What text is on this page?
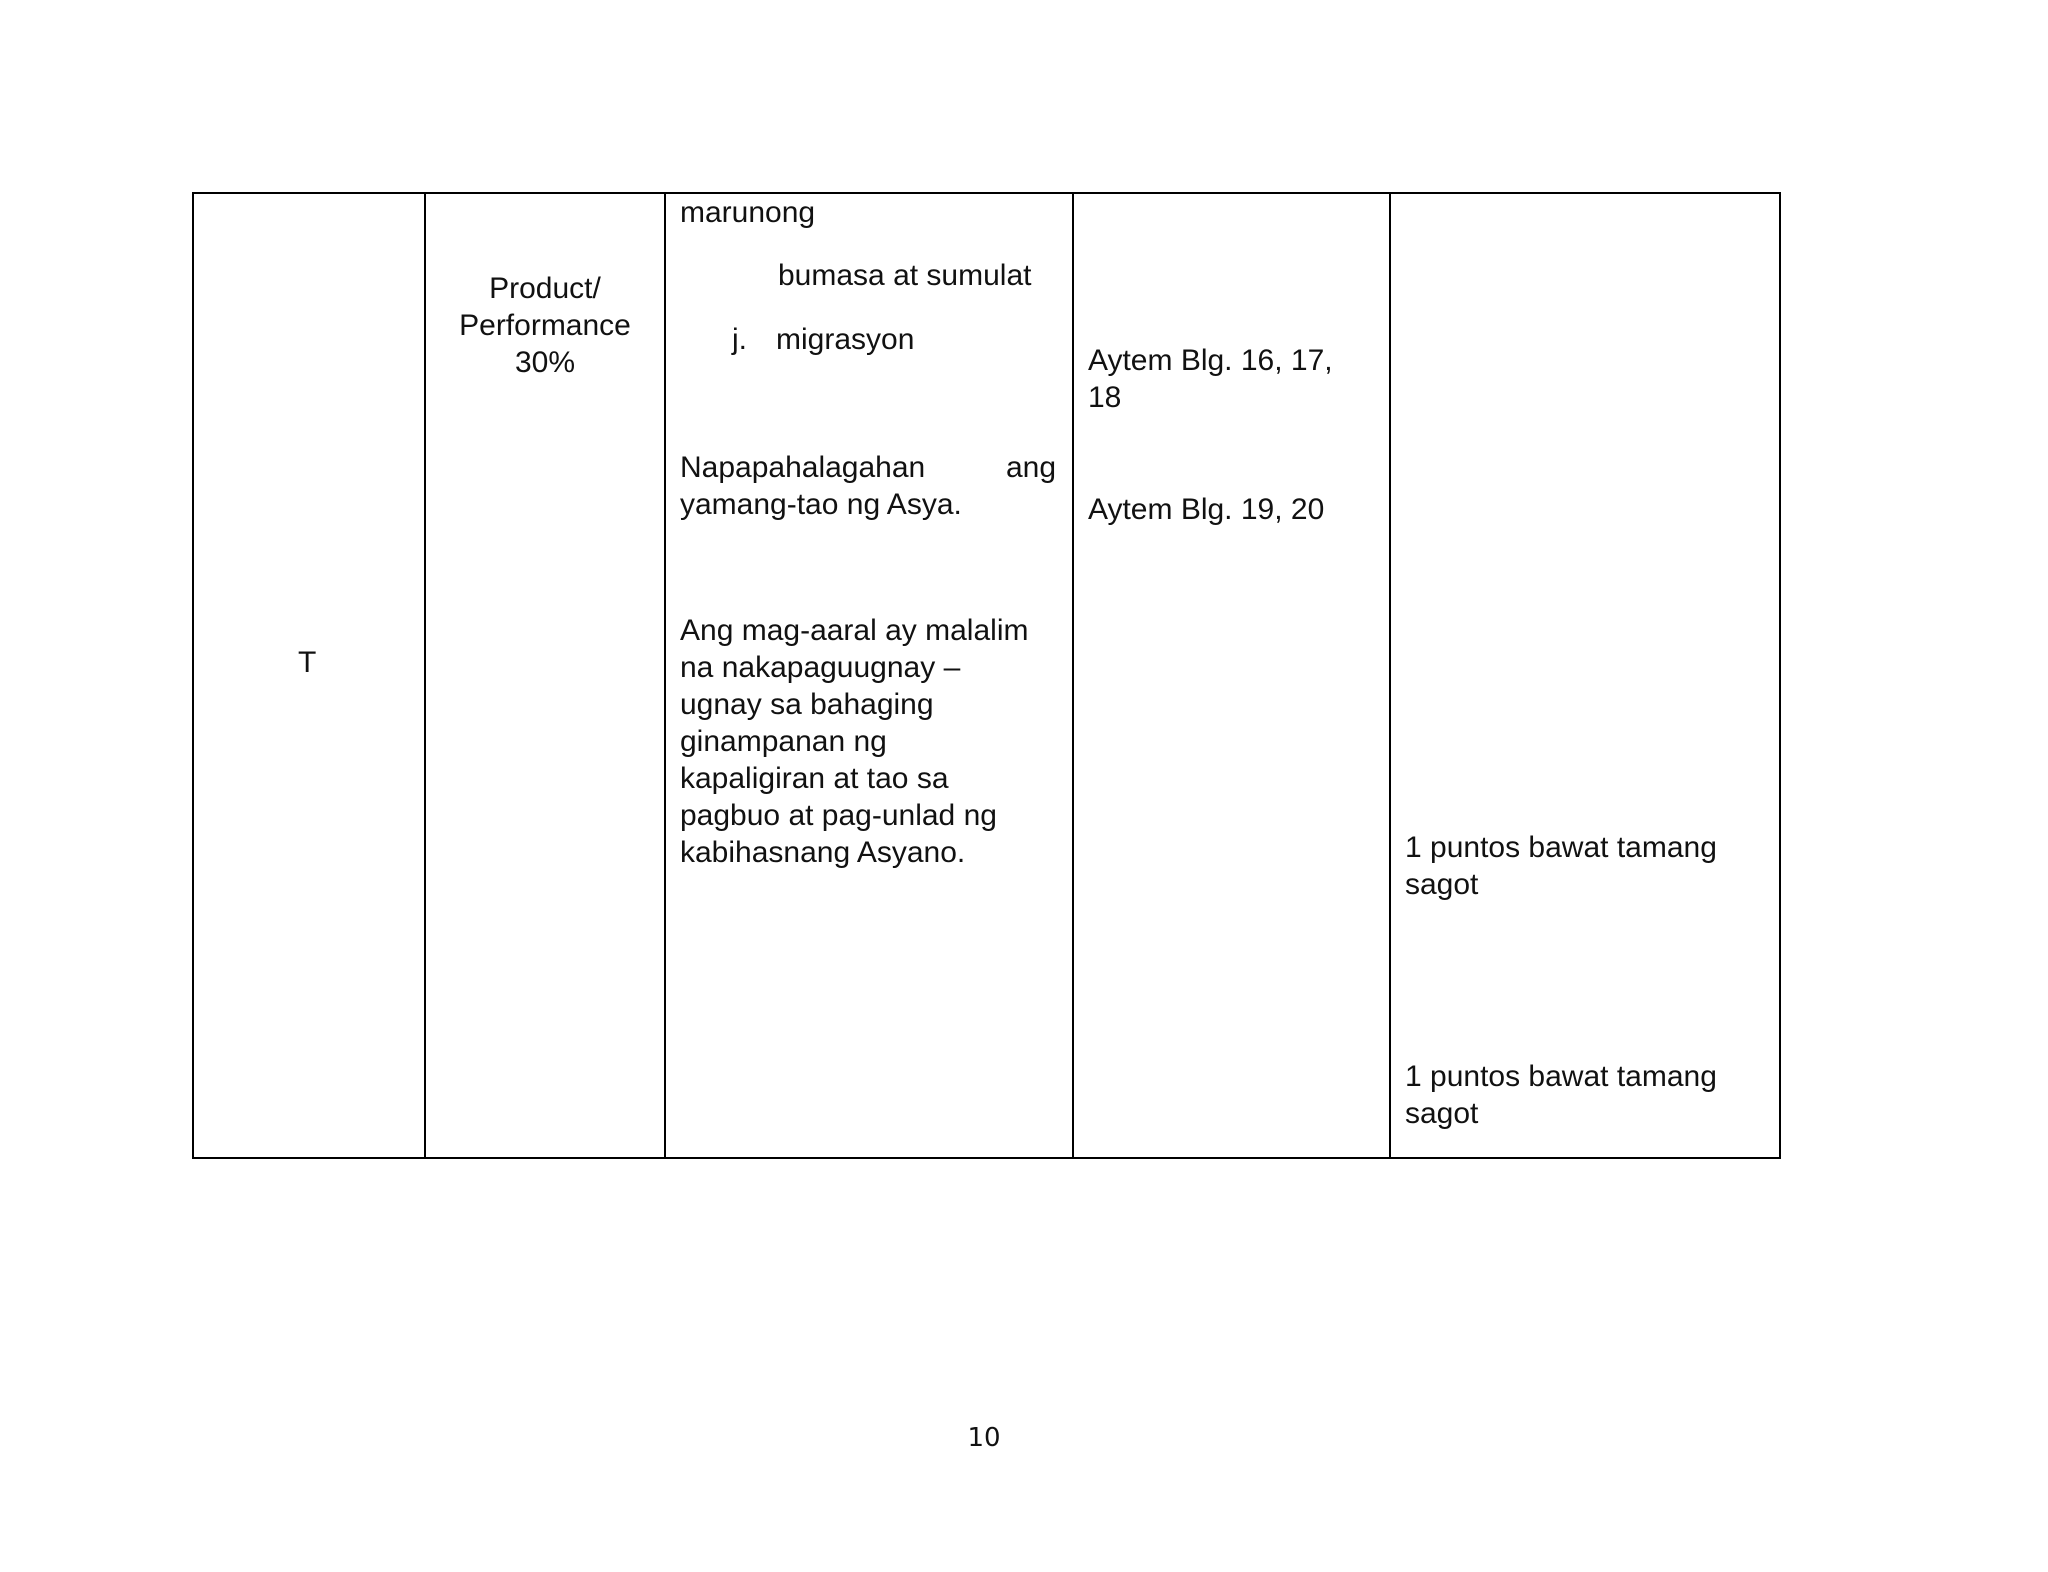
T
Product/
Performance
30%
marunong
bumasa at sumulat
j. migrasyon
Napapahalagahan	ang
yamang-tao ng Asya.
Ang mag-aaral ay malalim
na nakapaguugnay –
ugnay sa bahaging
ginampanan ng
kapaligiran at tao sa
pagbuo at pag-unlad ng
kabihasnang Asyano.
Aytem Blg. 16, 17,
18
Aytem Blg. 19, 20
1 puntos bawat tamang
sagot
1 puntos bawat tamang
sagot
10
